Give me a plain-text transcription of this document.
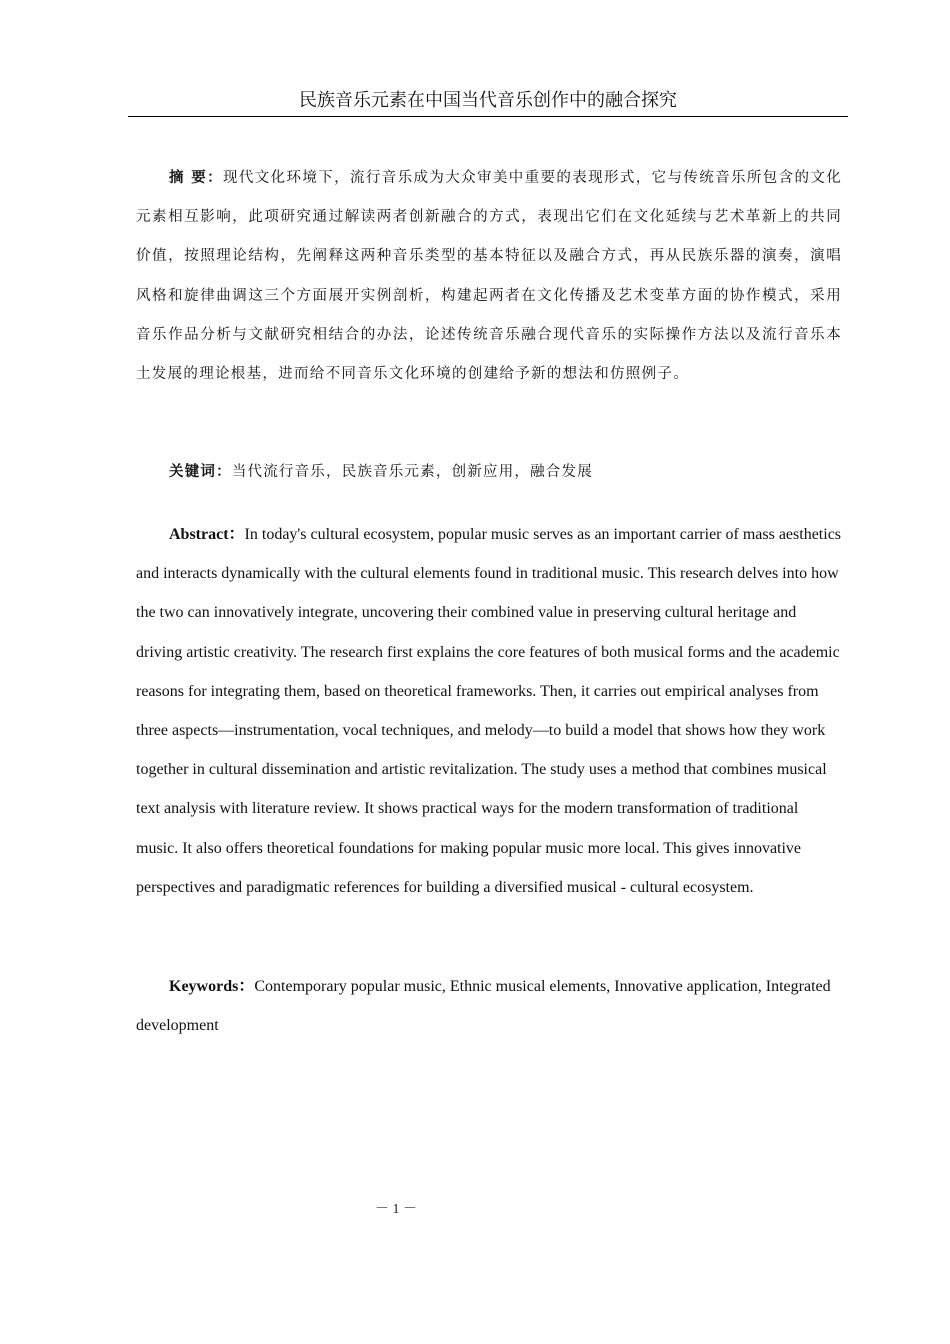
民族音乐元素在中国当代音乐创作中的融合探究

摘 要：现代文化环境下，流行音乐成为大众审美中重要的表现形式，它与传统音乐所包含的文化元素相互影响，此项研究通过解读两者创新融合的方式，表现出它们在文化延续与艺术革新上的共同价值，按照理论结构，先阐释这两种音乐类型的基本特征以及融合方式，再从民族乐器的演奏，演唱风格和旋律曲调这三个方面展开实例剖析，构建起两者在文化传播及艺术变革方面的协作模式，采用音乐作品分析与文献研究相结合的办法，论述传统音乐融合现代音乐的实际操作方法以及流行音乐本土发展的理论根基，进而给不同音乐文化环境的创建给予新的想法和仿照例子。

关键词：当代流行音乐，民族音乐元素，创新应用，融合发展

Abstract：In today's cultural ecosystem, popular music serves as an important carrier of mass aesthetics and interacts dynamically with the cultural elements found in traditional music. This research delves into how the two can innovatively integrate, uncovering their combined value in preserving cultural heritage and driving artistic creativity. The research first explains the core features of both musical forms and the academic reasons for integrating them, based on theoretical frameworks. Then, it carries out empirical analyses from three aspects—instrumentation, vocal techniques, and melody—to build a model that shows how they work together in cultural dissemination and artistic revitalization. The study uses a method that combines musical text analysis with literature review. It shows practical ways for the modern transformation of traditional music. It also offers theoretical foundations for making popular music more local. This gives innovative perspectives and paradigmatic references for building a diversified musical - cultural ecosystem.

Keywords：Contemporary popular music, Ethnic musical elements, Innovative application, Integrated development

－ 1 －
